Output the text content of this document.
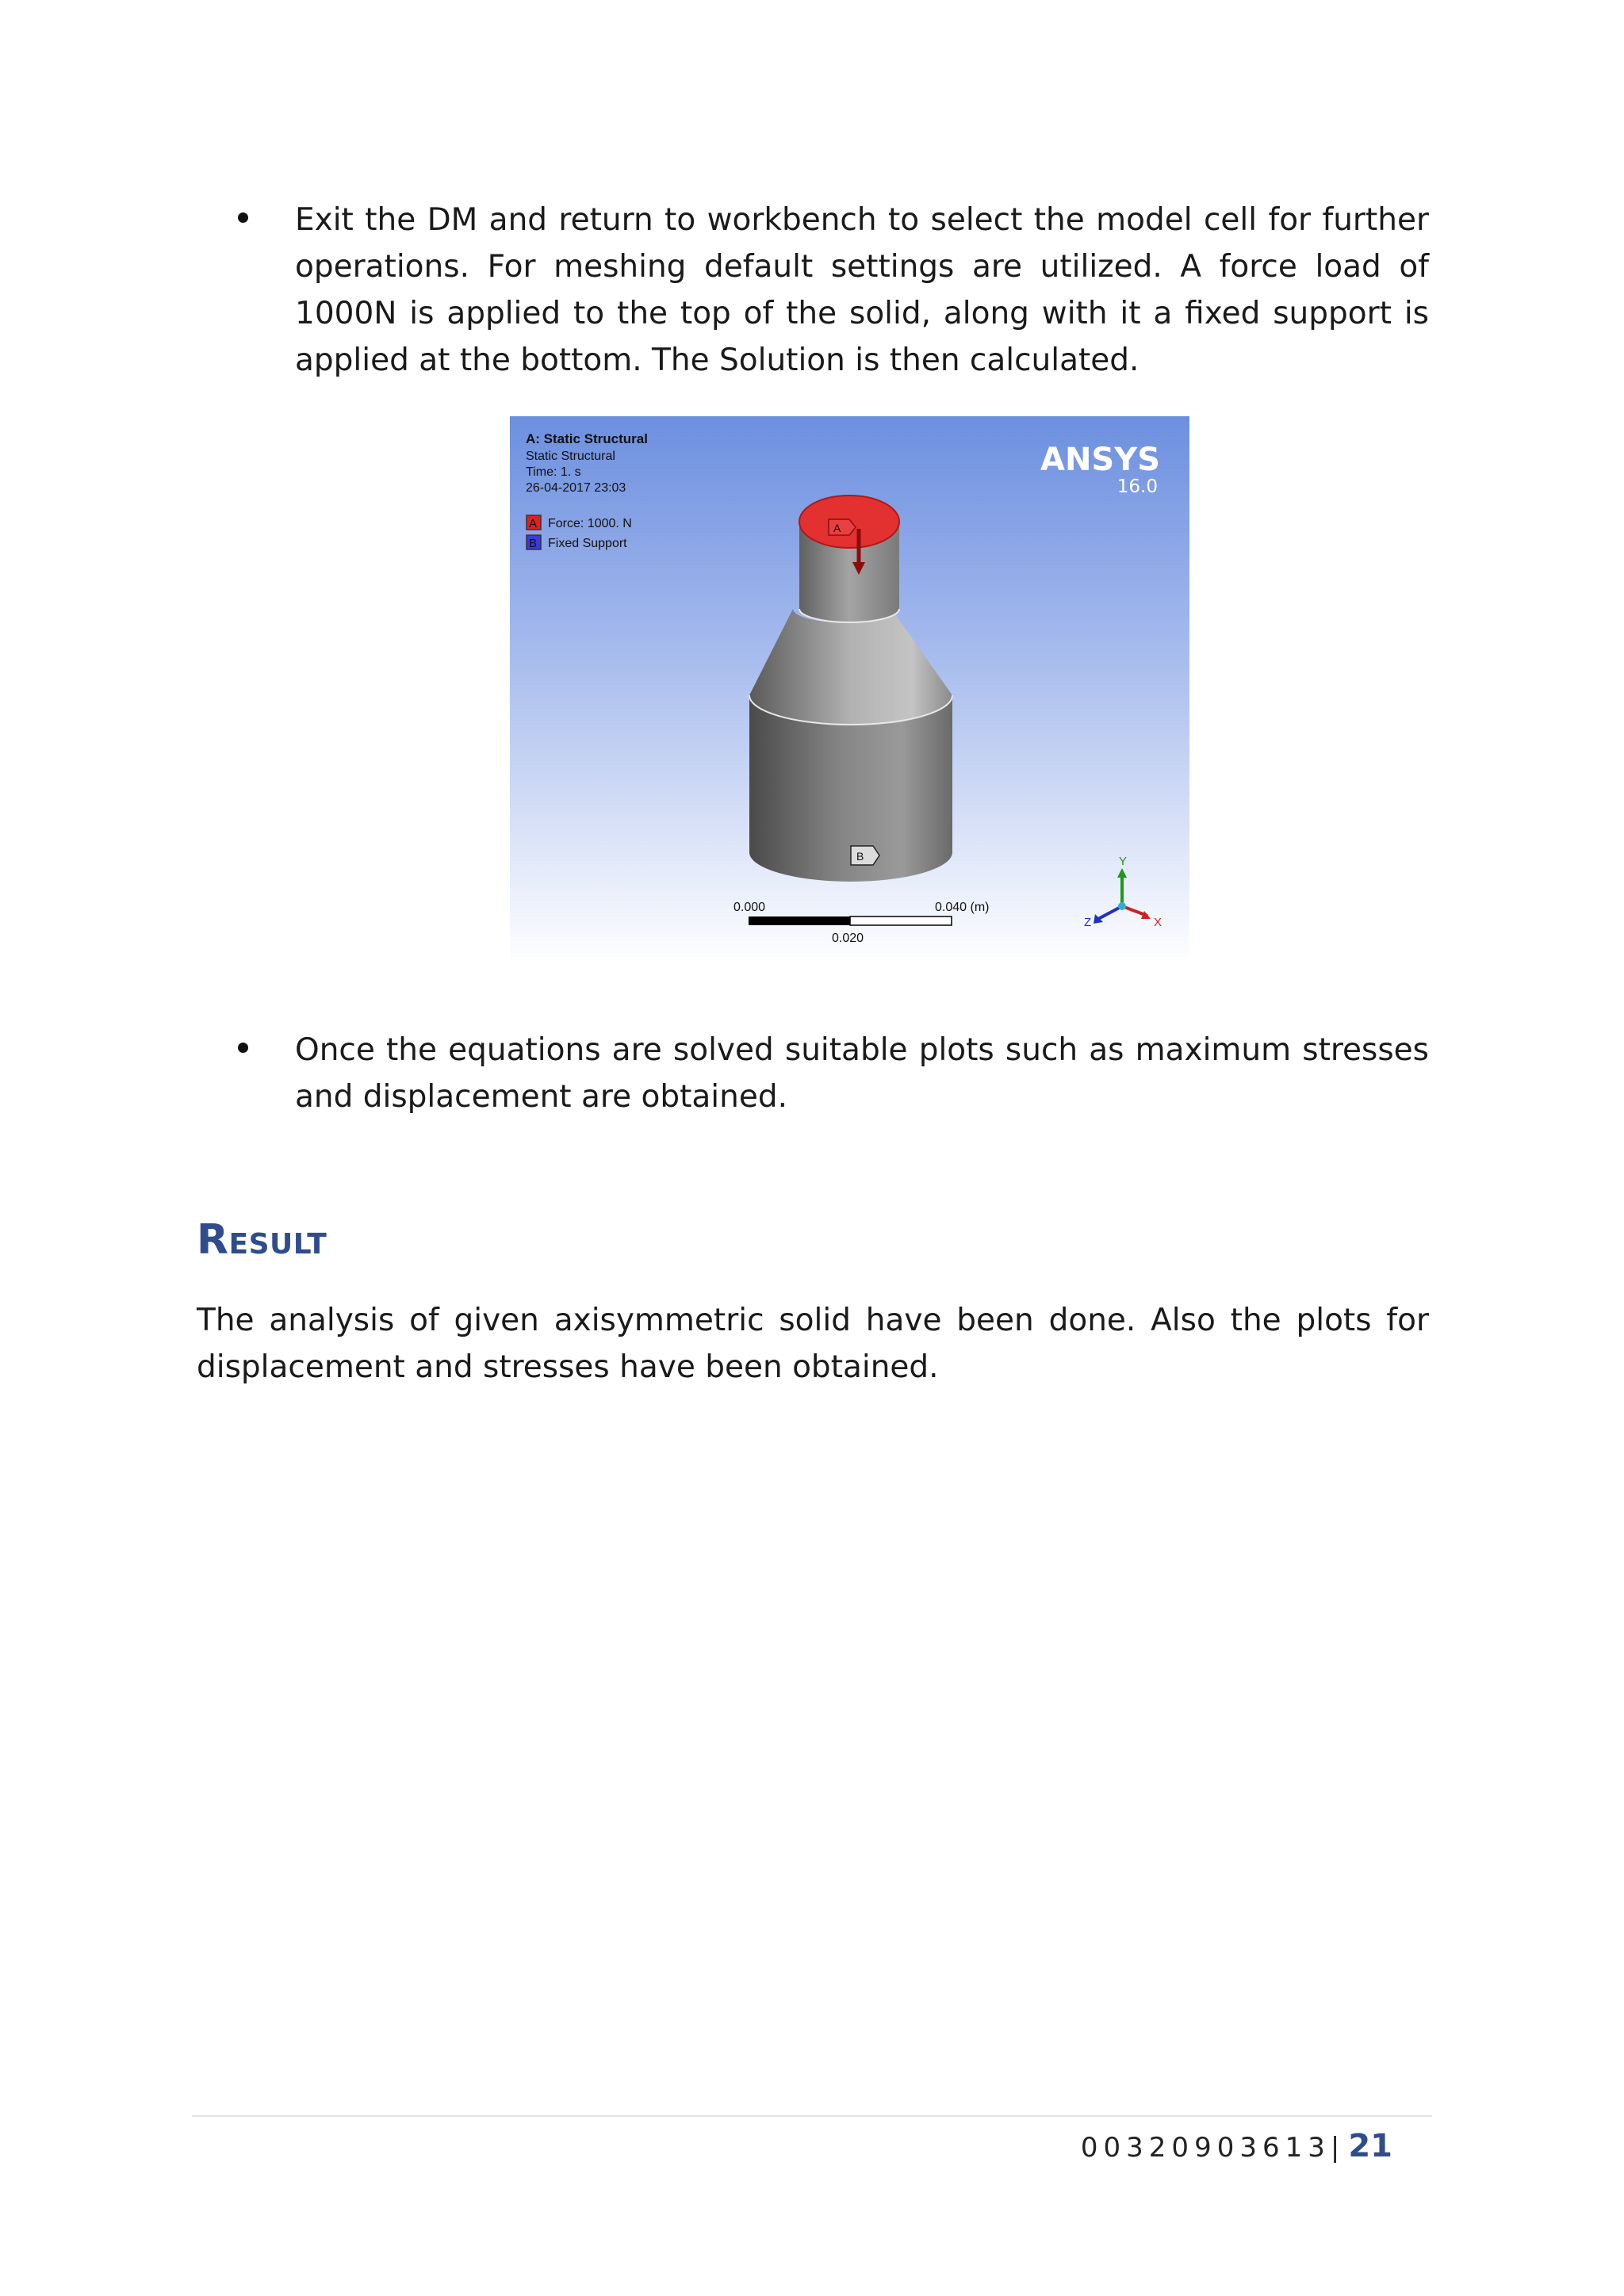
Exit the DM and return to workbench to select the model cell for further operations. For meshing default settings are utilized. A force load of 1000N is applied to the top of the solid, along with it a fixed support is applied at the bottom. The Solution is then calculated.
A: Static Structural
Static Structural
Time: 1. s
26-04-2017 23:03
A Force: 1000. N
B Fixed Support
ANSYS
16.0
A
B
0.000	0.040 (m)
0.020
Y
X
Z
Once the equations are solved suitable plots such as maximum stresses and displacement are obtained.
Result
The analysis of given axisymmetric solid have been done. Also the plots for displacement and stresses have been obtained.
00320903613| 21
